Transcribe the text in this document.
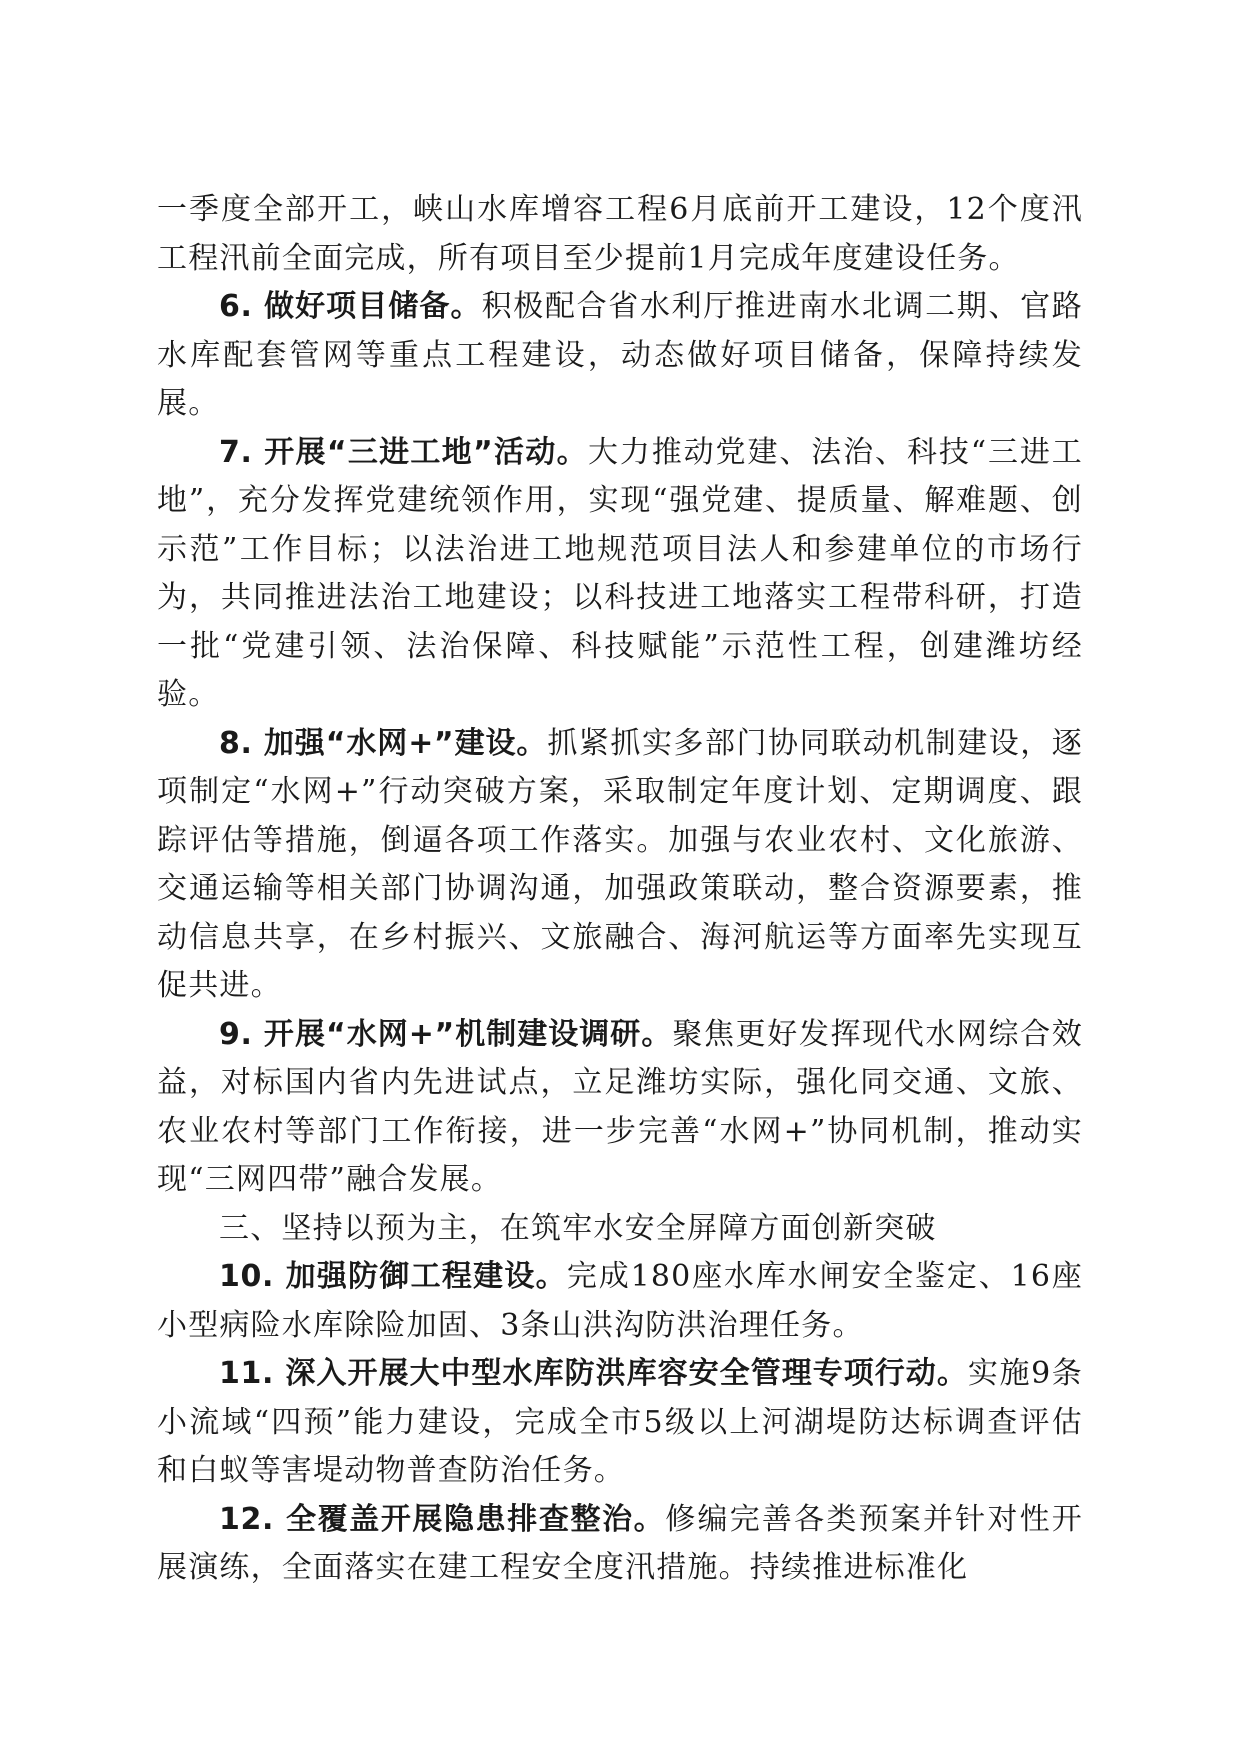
一季度全部开工，峡山水库增容工程6月底前开工建设，12个度汛工程汛前全面完成，所有项目至少提前1月完成年度建设任务。

6. 做好项目储备。积极配合省水利厅推进南水北调二期、官路水库配套管网等重点工程建设，动态做好项目储备，保障持续发展。

7. 开展“三进工地”活动。大力推动党建、法治、科技“三进工地”，充分发挥党建统领作用，实现“强党建、提质量、解难题、创示范”工作目标；以法治进工地规范项目法人和参建单位的市场行为，共同推进法治工地建设；以科技进工地落实工程带科研，打造一批“党建引领、法治保障、科技赋能”示范性工程，创建潍坊经验。

8. 加强“水网+”建设。抓紧抓实多部门协同联动机制建设，逐项制定“水网+”行动突破方案，采取制定年度计划、定期调度、跟踪评估等措施，倒逼各项工作落实。加强与农业农村、文化旅游、交通运输等相关部门协调沟通，加强政策联动，整合资源要素，推动信息共享，在乡村振兴、文旅融合、海河航运等方面率先实现互促共进。

9. 开展“水网+”机制建设调研。聚焦更好发挥现代水网综合效益，对标国内省内先进试点，立足潍坊实际，强化同交通、文旅、农业农村等部门工作衔接，进一步完善“水网+”协同机制，推动实现“三网四带”融合发展。

三、坚持以预为主，在筑牢水安全屏障方面创新突破

10. 加强防御工程建设。完成180座水库水闸安全鉴定、16座小型病险水库除险加固、3条山洪沟防洪治理任务。

11. 深入开展大中型水库防洪库容安全管理专项行动。实施9条小流域“四预”能力建设，完成全市5级以上河湖堤防达标调查评估和白蚁等害堤动物普查防治任务。

12. 全覆盖开展隐患排查整治。修编完善各类预案并针对性开展演练，全面落实在建工程安全度汛措施。持续推进标准化
